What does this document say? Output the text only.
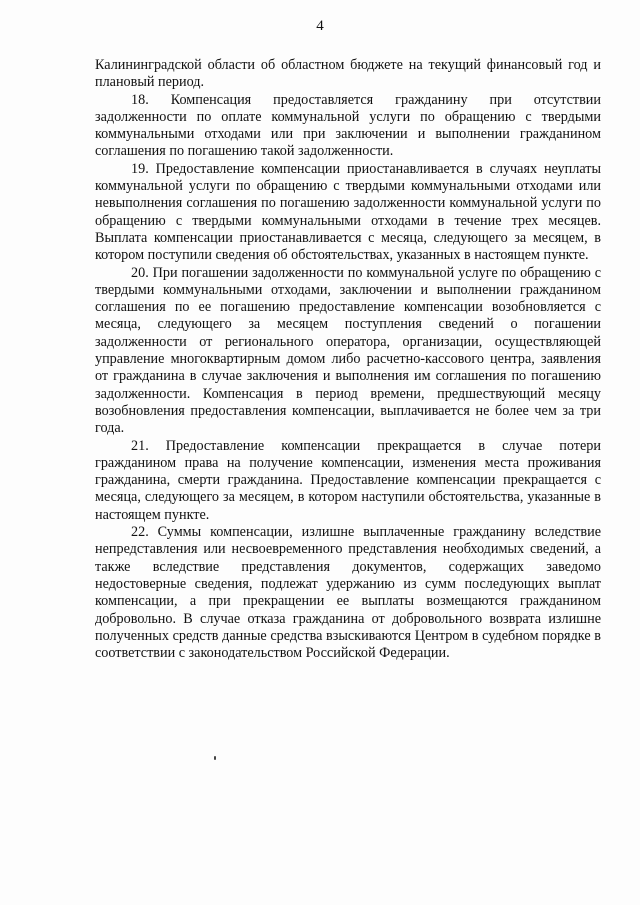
4

Калининградской области об областном бюджете на текущий финансовый год и плановый период.

18. Компенсация предоставляется гражданину при отсутствии задолженности по оплате коммунальной услуги по обращению с твердыми коммунальными отходами или при заключении и выполнении гражданином соглашения по погашению такой задолженности.

19. Предоставление компенсации приостанавливается в случаях неуплаты коммунальной услуги по обращению с твердыми коммунальными отходами или невыполнения соглашения по погашению задолженности коммунальной услуги по обращению с твердыми коммунальными отходами в течение трех месяцев. Выплата компенсации приостанавливается с месяца, следующего за месяцем, в котором поступили сведения об обстоятельствах, указанных в настоящем пункте.

20. При погашении задолженности по коммунальной услуге по обращению с твердыми коммунальными отходами, заключении и выполнении гражданином соглашения по ее погашению предоставление компенсации возобновляется с месяца, следующего за месяцем поступления сведений о погашении задолженности от регионального оператора, организации, осуществляющей управление многоквартирным домом либо расчетно-кассового центра, заявления от гражданина в случае заключения и выполнения им соглашения по погашению задолженности. Компенсация в период времени, предшествующий месяцу возобновления предоставления компенсации, выплачивается не более чем за три года.

21. Предоставление компенсации прекращается в случае потери гражданином права на получение компенсации, изменения места проживания гражданина, смерти гражданина. Предоставление компенсации прекращается с месяца, следующего за месяцем, в котором наступили обстоятельства, указанные в настоящем пункте.

22. Суммы компенсации, излишне выплаченные гражданину вследствие непредставления или несвоевременного представления необходимых сведений, а также вследствие представления документов, содержащих заведомо недостоверные сведения, подлежат удержанию из сумм последующих выплат компенсации, а при прекращении ее выплаты возмещаются гражданином добровольно. В случае отказа гражданина от добровольного возврата излишне полученных средств данные средства взыскиваются Центром в судебном порядке в соответствии с законодательством Российской Федерации.
